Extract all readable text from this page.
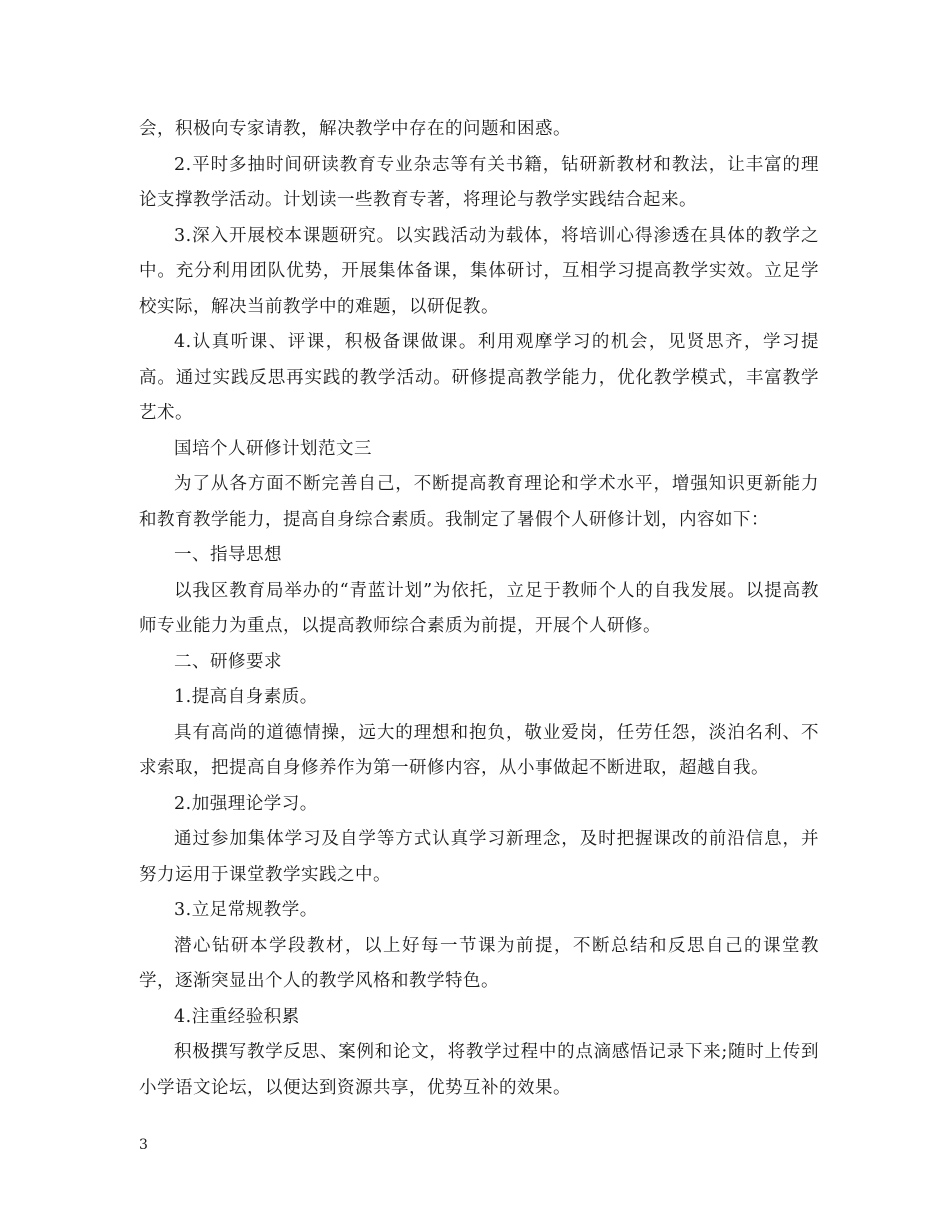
会，积极向专家请教，解决教学中存在的问题和困惑。

2.平时多抽时间研读教育专业杂志等有关书籍，钻研新教材和教法，让丰富的理论支撑教学活动。计划读一些教育专著，将理论与教学实践结合起来。

3.深入开展校本课题研究。以实践活动为载体，将培训心得渗透在具体的教学之中。充分利用团队优势，开展集体备课，集体研讨，互相学习提高教学实效。立足学校实际，解决当前教学中的难题，以研促教。

4.认真听课、评课，积极备课做课。利用观摩学习的机会，见贤思齐，学习提高。通过实践反思再实践的教学活动。研修提高教学能力，优化教学模式，丰富教学艺术。

国培个人研修计划范文三

为了从各方面不断完善自己，不断提高教育理论和学术水平，增强知识更新能力和教育教学能力，提高自身综合素质。我制定了暑假个人研修计划，内容如下：

一、指导思想

以我区教育局举办的“青蓝计划”为依托，立足于教师个人的自我发展。以提高教师专业能力为重点，以提高教师综合素质为前提，开展个人研修。

二、研修要求

1.提高自身素质。

具有高尚的道德情操，远大的理想和抱负，敬业爱岗，任劳任怨，淡泊名利、不求索取，把提高自身修养作为第一研修内容，从小事做起不断进取，超越自我。

2.加强理论学习。

通过参加集体学习及自学等方式认真学习新理念，及时把握课改的前沿信息，并努力运用于课堂教学实践之中。

3.立足常规教学。

潜心钻研本学段教材，以上好每一节课为前提，不断总结和反思自己的课堂教学，逐渐突显出个人的教学风格和教学特色。

4.注重经验积累

积极撰写教学反思、案例和论文，将教学过程中的点滴感悟记录下来;随时上传到小学语文论坛，以便达到资源共享，优势互补的效果。

3
